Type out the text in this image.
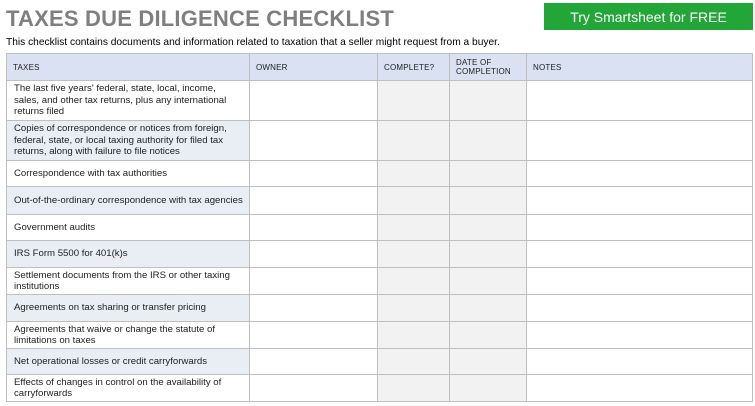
TAXES DUE DILIGENCE CHECKLIST	Try Smartsheet for FREE
This checklist contains documents and information related to taxation that a seller might request from a buyer.
TAXES	OWNER	COMPLETE?	DATE OF COMPLETION	NOTES
The last five years' federal, state, local, income, sales, and other tax returns, plus any international returns filed				
Copies of correspondence or notices from foreign, federal, state, or local taxing authority for filed tax returns, along with failure to file notices				
Correspondence with tax authorities				
Out-of-the-ordinary correspondence with tax agencies				
Government audits				
IRS Form 5500 for 401(k)s				
Settlement documents from the IRS or other taxing institutions				
Agreements on tax sharing or transfer pricing				
Agreements that waive or change the statute of limitations on taxes				
Net operational losses or credit carryforwards				
Effects of changes in control on the availability of carryforwards				
